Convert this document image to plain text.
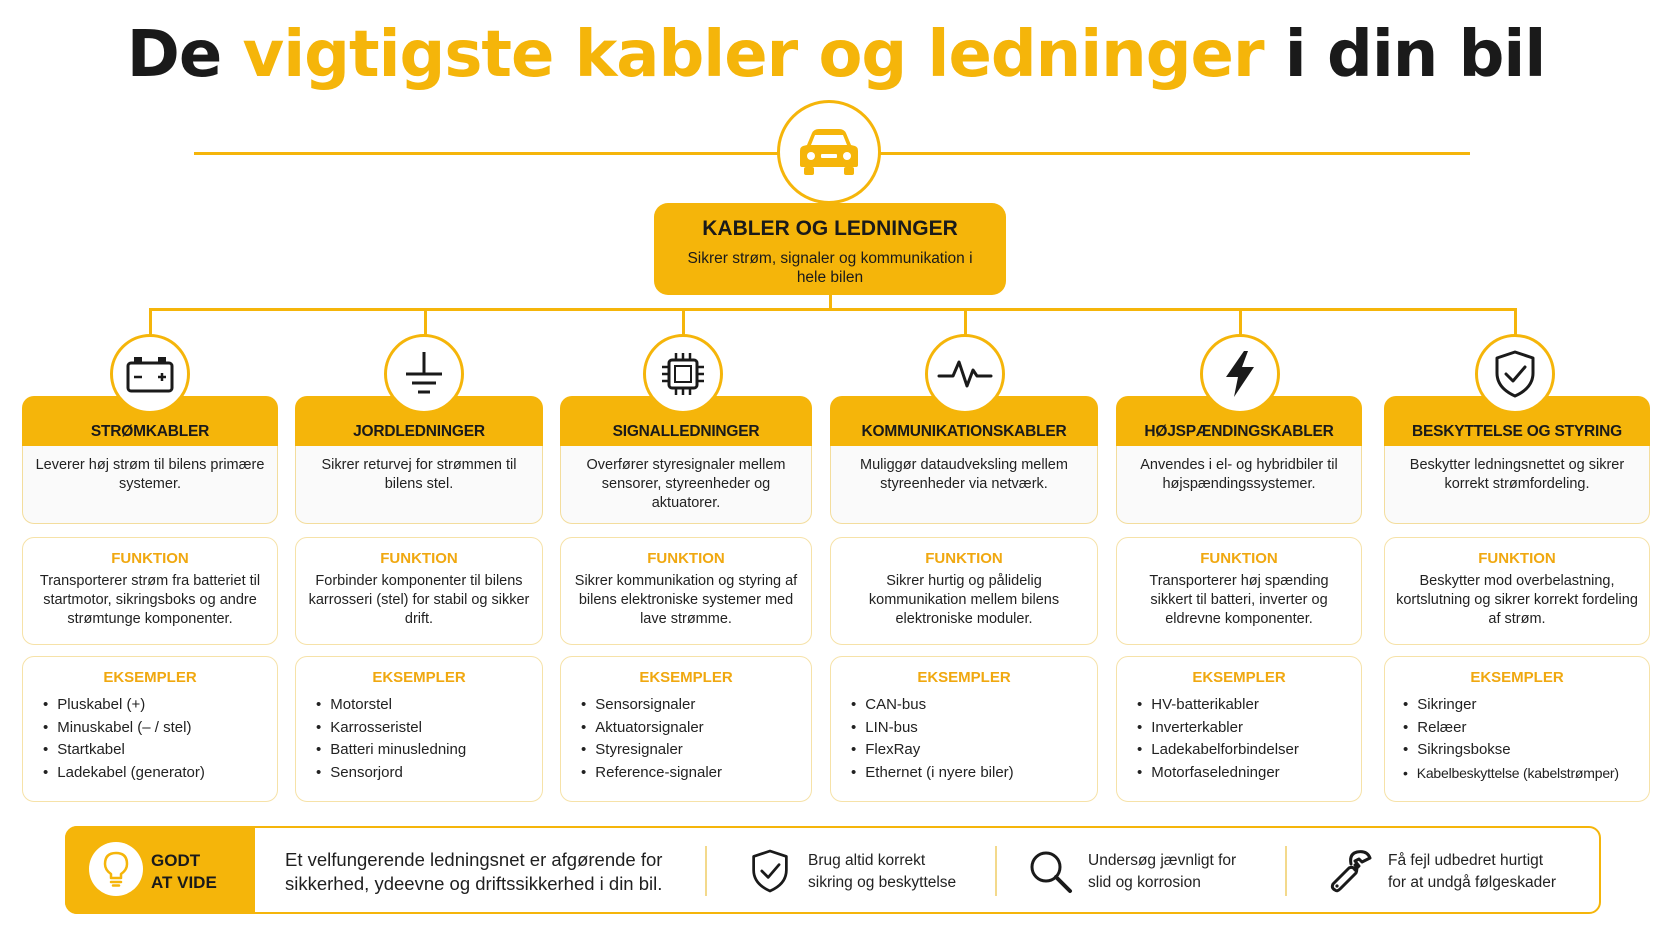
De vigtigste kabler og ledninger i din bil
KABLER OG LEDNINGER
Sikrer strøm, signaler og kommunikation i hele bilen
STRØMKABLER
Leverer høj strøm til bilens primære systemer.
FUNKTION
Transporterer strøm fra batteriet til startmotor, sikringsboks og andre strømtunge komponenter.
EKSEMPLER
• Pluskabel (+)
• Minuskabel (– / stel)
• Startkabel
• Ladekabel (generator)
JORDLEDNINGER
Sikrer returvej for strømmen til bilens stel.
FUNKTION
Forbinder komponenter til bilens karrosseri (stel) for stabil og sikker drift.
EKSEMPLER
• Motorstel
• Karrosseristel
• Batteri minusledning
• Sensorjord
SIGNALLEDNINGER
Overfører styresignaler mellem sensorer, styreenheder og aktuatorer.
FUNKTION
Sikrer kommunikation og styring af bilens elektroniske systemer med lave strømme.
EKSEMPLER
• Sensorsignaler
• Aktuatorsignaler
• Styresignaler
• Reference-signaler
KOMMUNIKATIONSKABLER
Muliggør dataudveksling mellem styreenheder via netværk.
FUNKTION
Sikrer hurtig og pålidelig kommunikation mellem bilens elektroniske moduler.
EKSEMPLER
• CAN-bus
• LIN-bus
• FlexRay
• Ethernet (i nyere biler)
HØJSPÆNDINGSKABLER
Anvendes i el- og hybridbiler til højspændingssystemer.
FUNKTION
Transporterer høj spænding sikkert til batteri, inverter og eldrevne komponenter.
EKSEMPLER
• HV-batterikabler
• Inverterkabler
• Ladekabelforbindelser
• Motorfaseledninger
BESKYTTELSE OG STYRING
Beskytter ledningsnettet og sikrer korrekt strømfordeling.
FUNKTION
Beskytter mod overbelastning, kortslutning og sikrer korrekt fordeling af strøm.
EKSEMPLER
• Sikringer
• Relæer
• Sikringsbokse
• Kabelbeskyttelse (kabelstrømper)
GODT
AT VIDE
Et velfungerende ledningsnet er afgørende for
sikkerhed, ydeevne og driftssikkerhed i din bil.
Brug altid korrekt
sikring og beskyttelse
Undersøg jævnligt for
slid og korrosion
Få fejl udbedret hurtigt
for at undgå følgeskader
